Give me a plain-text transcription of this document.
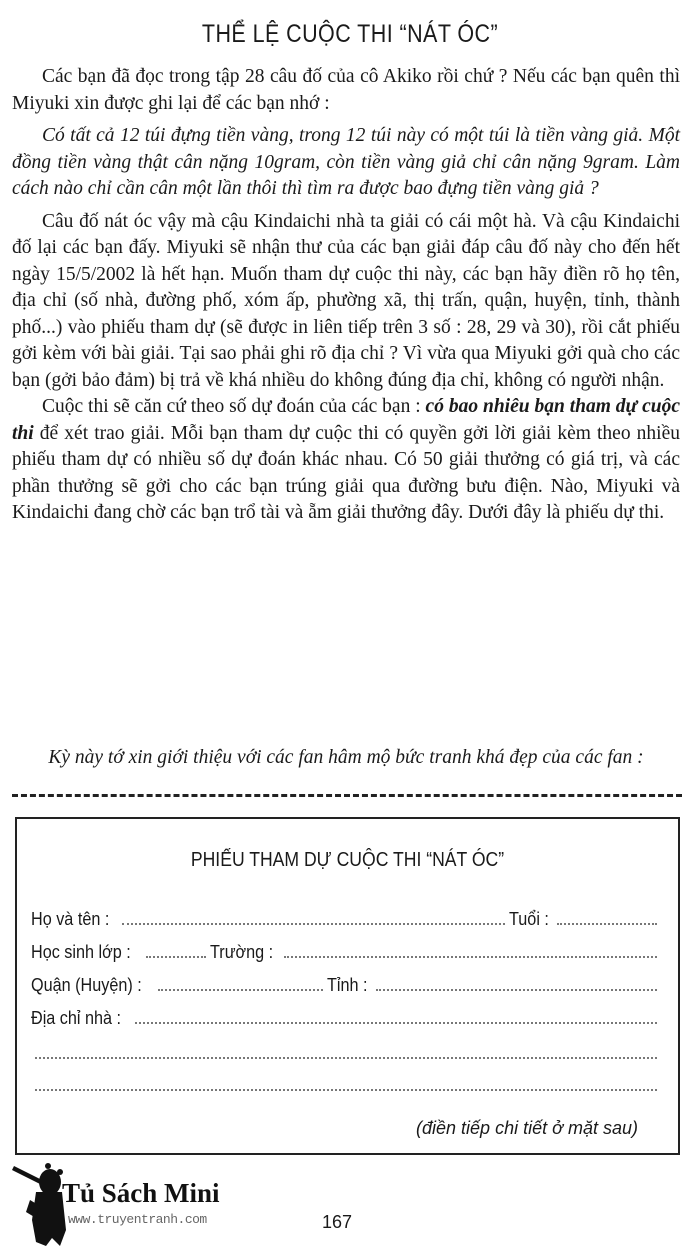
THỂ LỆ CUỘC THI “NÁT ÓC”

Các bạn đã đọc trong tập 28 câu đố của cô Akiko rồi chứ ? Nếu các bạn quên thì Miyuki xin được ghi lại để các bạn nhớ :

Có tất cả 12 túi đựng tiền vàng, trong 12 túi này có một túi là tiền vàng giả. Một đồng tiền vàng thật cân nặng 10gram, còn tiền vàng giả chỉ cân nặng 9gram. Làm cách nào chỉ cần cân một lần thôi thì tìm ra được bao đựng tiền vàng giả ?

Câu đố nát óc vậy mà cậu Kindaichi nhà ta giải có cái một hà. Và cậu Kindaichi đố lại các bạn đấy. Miyuki sẽ nhận thư của các bạn giải đáp câu đố này cho đến hết ngày 15/5/2002 là hết hạn. Muốn tham dự cuộc thi này, các bạn hãy điền rõ họ tên, địa chỉ (số nhà, đường phố, xóm ấp, phường xã, thị trấn, quận, huyện, tỉnh, thành phố...) vào phiếu tham dự (sẽ được in liên tiếp trên 3 số : 28, 29 và 30), rồi cắt phiếu gởi kèm với bài giải. Tại sao phải ghi rõ địa chỉ ? Vì vừa qua Miyuki gởi quà cho các bạn (gởi bảo đảm) bị trả về khá nhiều do không đúng địa chỉ, không có người nhận.

Cuộc thi sẽ căn cứ theo số dự đoán của các bạn : có bao nhiêu bạn tham dự cuộc thi để xét trao giải. Mỗi bạn tham dự cuộc thi có quyền gởi lời giải kèm theo nhiều phiếu tham dự có nhiều số dự đoán khác nhau. Có 50 giải thưởng có giá trị, và các phần thưởng sẽ gởi cho các bạn trúng giải qua đường bưu điện. Nào, Miyuki và Kindaichi đang chờ các bạn trổ tài và ẵm giải thưởng đây. Dưới đây là phiếu dự thi.

Kỳ này tớ xin giới thiệu với các fan hâm mộ bức tranh khá đẹp của các fan :
PHIẾU THAM DỰ CUỘC THI “NÁT ÓC”
Họ và tên :	Tuổi :
Học sinh lớp :	Trường :
Quận (Huyện) :	Tỉnh :
Địa chỉ nhà :
(điền tiếp chi tiết ở mặt sau)
Tủ Sách Mini
www.truyentranh.com	167
